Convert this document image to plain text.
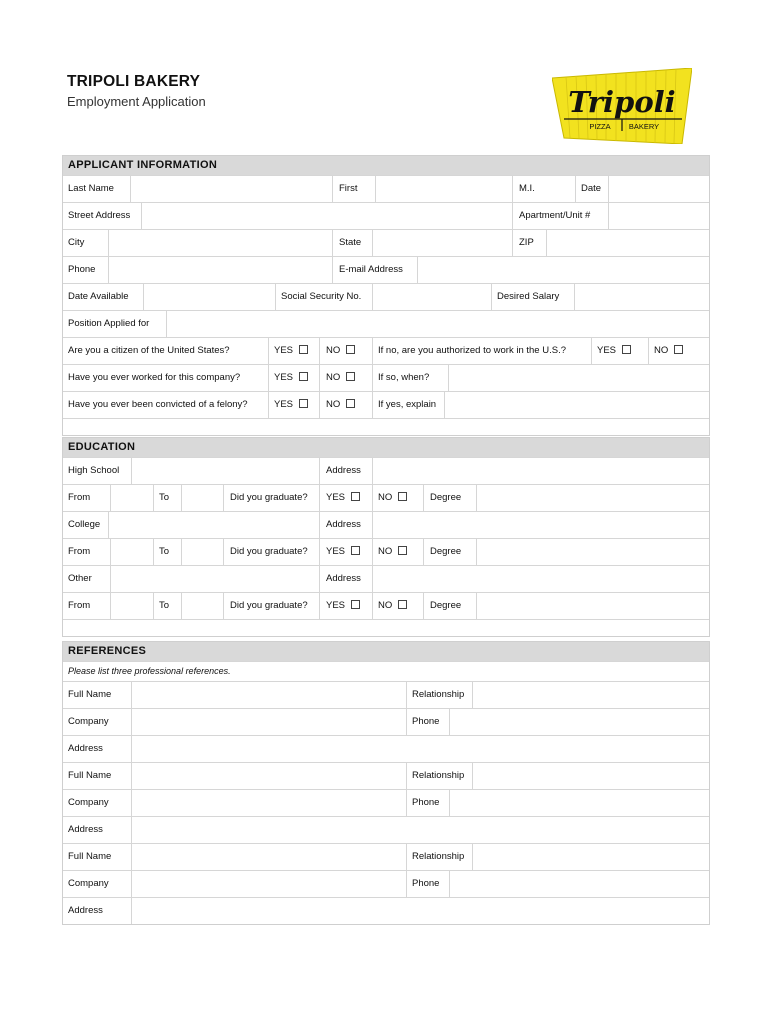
TRIPOLI BAKERY
Employment Application	Tripoli
PIZZA BAKERY
APPLICANT INFORMATION
Last Name	First	M.I.	Date
Street Address	Apartment/Unit #
City	State	ZIP
Phone	E-mail Address
Date Available	Social Security No.	Desired Salary
Position Applied for
Are you a citizen of the United States?	YES	NO	If no, are you authorized to work in the U.S.?	YES	NO
Have you ever worked for this company?	YES	NO	If so, when?
Have you ever been convicted of a felony?	YES	NO	If yes, explain
EDUCATION
High School	Address
From	To	Did you graduate? YES	NO	Degree
College	Address
From	To	Did you graduate? YES	NO	Degree
Other	Address
From	To	Did you graduate? YES	NO	Degree
REFERENCES
Please list three professional references.
Full Name	Relationship
Company	Phone
Address
Full Name	Relationship
Company	Phone
Address
Full Name	Relationship
Company	Phone
Address
